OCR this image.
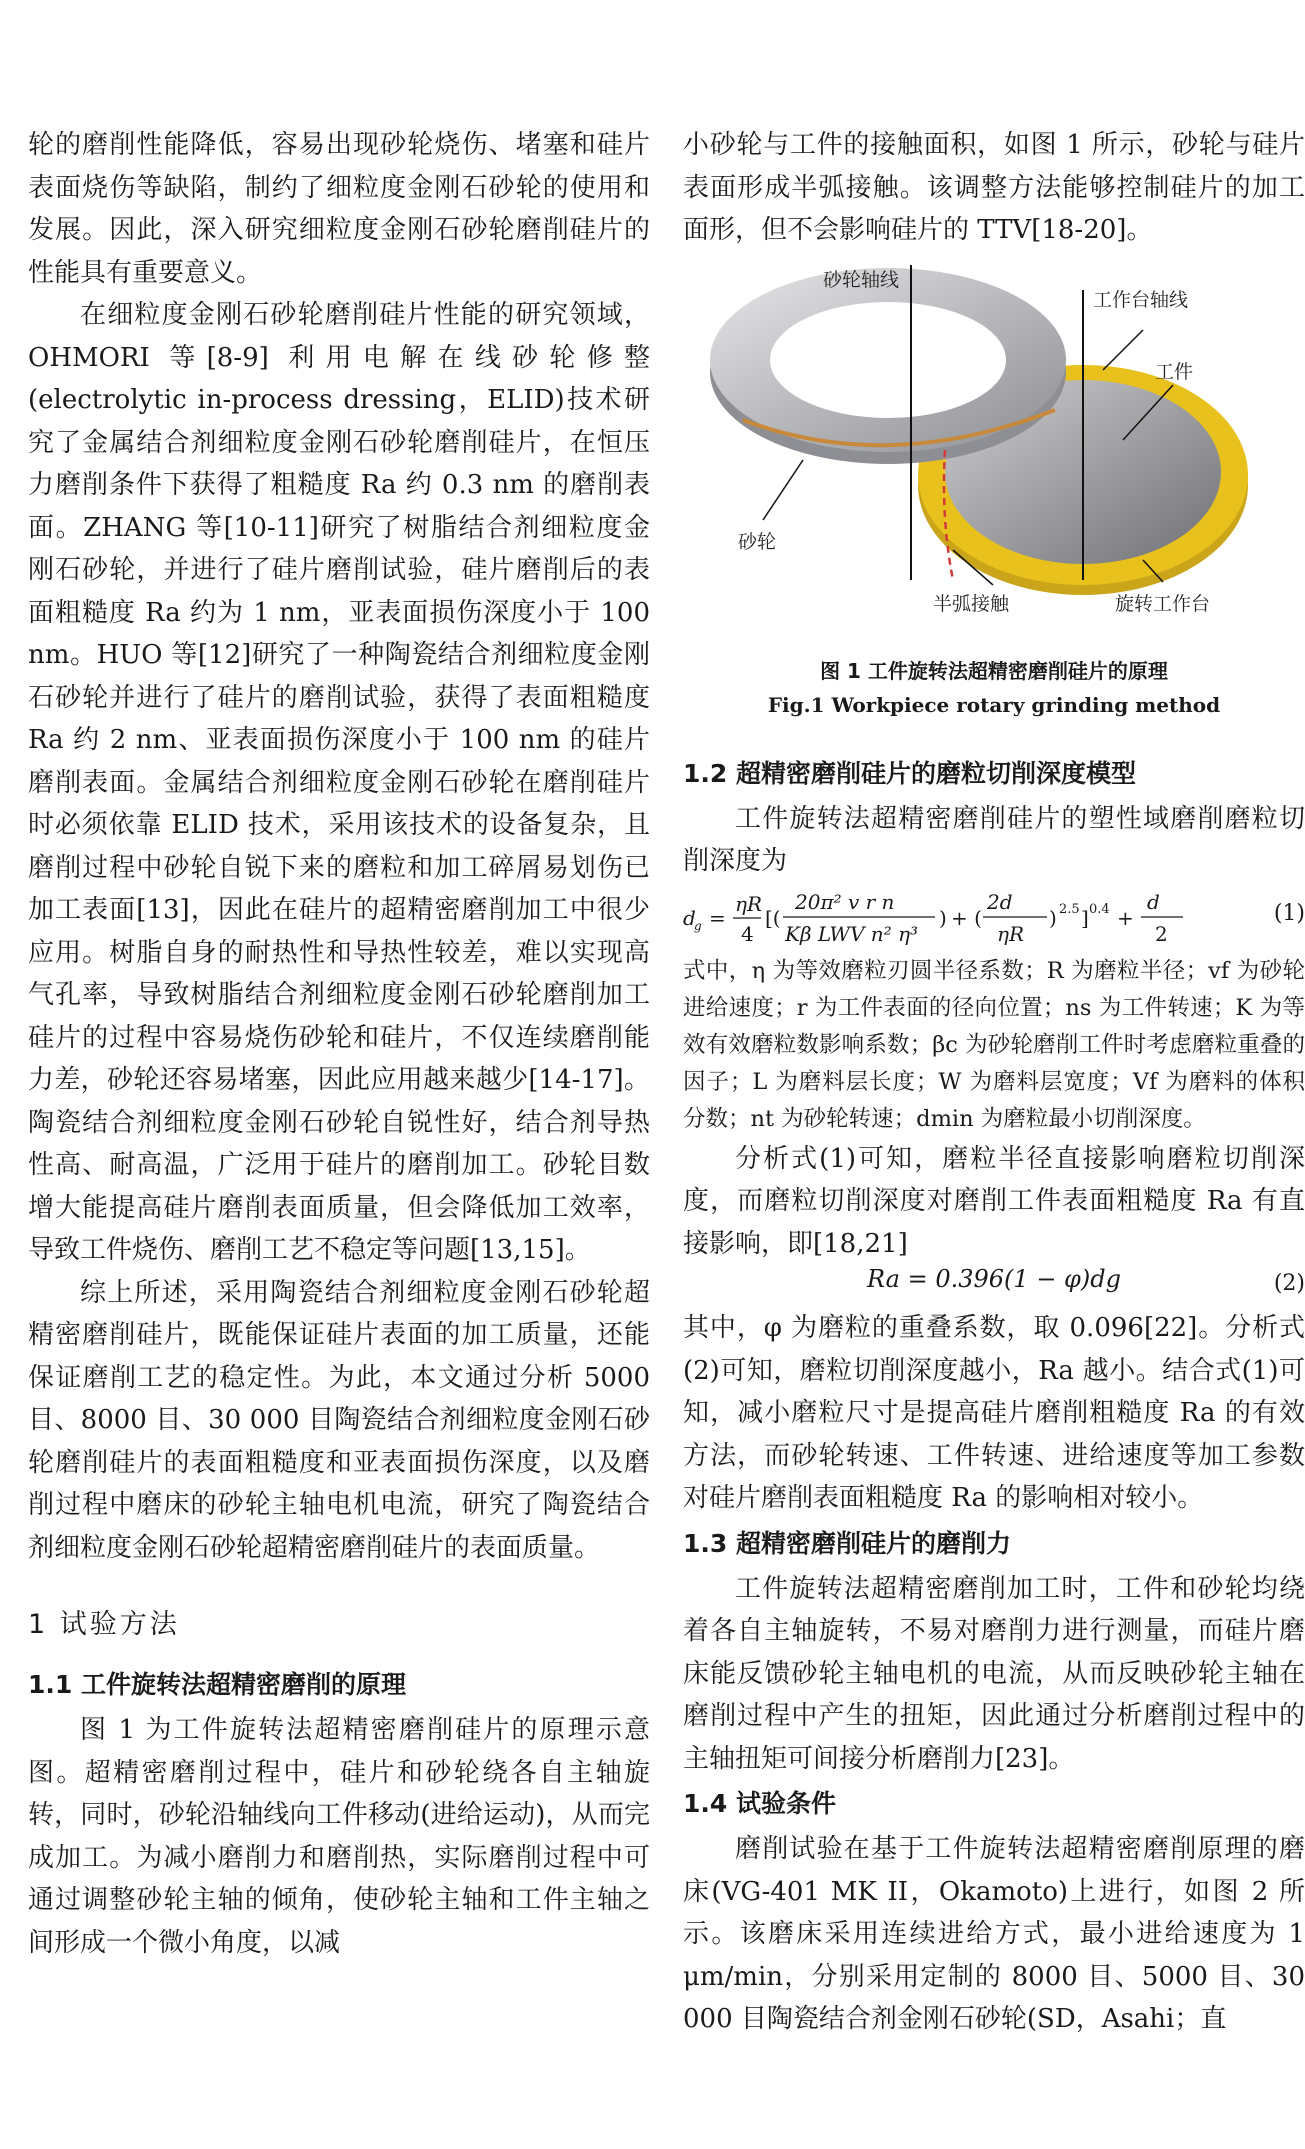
轮的磨削性能降低，容易出现砂轮烧伤、堵塞和硅片表面烧伤等缺陷，制约了细粒度金刚石砂轮的使用和发展。因此，深入研究细粒度金刚石砂轮磨削硅片的性能具有重要意义。

在细粒度金刚石砂轮磨削硅片性能的研究领域，OHMORI 等[8-9] 利用电解在线砂轮修整(electrolytic in-process dressing，ELID)技术研究了金属结合剂细粒度金刚石砂轮磨削硅片，在恒压力磨削条件下获得了粗糙度 Ra 约 0.3 nm 的磨削表面。ZHANG 等[10-11]研究了树脂结合剂细粒度金刚石砂轮，并进行了硅片磨削试验，硅片磨削后的表面粗糙度 Ra 约为 1 nm，亚表面损伤深度小于 100 nm。HUO 等[12]研究了一种陶瓷结合剂细粒度金刚石砂轮并进行了硅片的磨削试验，获得了表面粗糙度 Ra 约 2 nm、亚表面损伤深度小于 100 nm 的硅片磨削表面。金属结合剂细粒度金刚石砂轮在磨削硅片时必须依靠 ELID 技术，采用该技术的设备复杂，且磨削过程中砂轮自锐下来的磨粒和加工碎屑易划伤已加工表面[13]，因此在硅片的超精密磨削加工中很少应用。树脂自身的耐热性和导热性较差，难以实现高气孔率，导致树脂结合剂细粒度金刚石砂轮磨削加工硅片的过程中容易烧伤砂轮和硅片，不仅连续磨削能力差，砂轮还容易堵塞，因此应用越来越少[14-17]。陶瓷结合剂细粒度金刚石砂轮自锐性好，结合剂导热性高、耐高温，广泛用于硅片的磨削加工。砂轮目数增大能提高硅片磨削表面质量，但会降低加工效率，导致工件烧伤、磨削工艺不稳定等问题[13,15]。

综上所述，采用陶瓷结合剂细粒度金刚石砂轮超精密磨削硅片，既能保证硅片表面的加工质量，还能保证磨削工艺的稳定性。为此，本文通过分析 5000 目、8000 目、30 000 目陶瓷结合剂细粒度金刚石砂轮磨削硅片的表面粗糙度和亚表面损伤深度，以及磨削过程中磨床的砂轮主轴电机电流，研究了陶瓷结合剂细粒度金刚石砂轮超精密磨削硅片的表面质量。

1 试验方法
1.1 工件旋转法超精密磨削的原理

图 1 为工件旋转法超精密磨削硅片的原理示意图。超精密磨削过程中，硅片和砂轮绕各自主轴旋转，同时，砂轮沿轴线向工件移动(进给运动)，从而完成加工。为减小磨削力和磨削热，实际磨削过程中可通过调整砂轮主轴的倾角，使砂轮主轴和工件主轴之间形成一个微小角度，以减

小砂轮与工件的接触面积，如图 1 所示，砂轮与硅片表面形成半弧接触。该调整方法能够控制硅片的加工面形，但不会影响硅片的 TTV[18-20]。

砂轮轴线
工作台轴线
工件
砂轮
半弧接触	旋转工作台
图 1 工件旋转法超精密磨削硅片的原理
Fig.1 Workpiece rotary grinding method
1.2 超精密磨削硅片的磨粒切削深度模型

工件旋转法超精密磨削硅片的塑性域磨削磨粒切削深度为

d
g =
ηR
4
[(
20π² v r n
Kβ LWV n² η³
) + (
2d
ηR
) 2.5 ] 0.4 +
d
2
(1)

式中，η 为等效磨粒刃圆半径系数；R 为磨粒半径；vf 为砂轮进给速度；r 为工件表面的径向位置；ns 为工件转速；K 为等效有效磨粒数影响系数；βc 为砂轮磨削工件时考虑磨粒重叠的因子；L 为磨料层长度；W 为磨料层宽度；Vf 为磨料的体积分数；nt 为砂轮转速；dmin 为磨粒最小切削深度。

分析式(1)可知，磨粒半径直接影响磨粒切削深度，而磨粒切削深度对磨削工件表面粗糙度 Ra 有直接影响，即[18,21]

Ra = 0.396(1 − φ)dg	(2)

其中，φ 为磨粒的重叠系数，取 0.096[22]。分析式(2)可知，磨粒切削深度越小，Ra 越小。结合式(1)可知，减小磨粒尺寸是提高硅片磨削粗糙度 Ra 的有效方法，而砂轮转速、工件转速、进给速度等加工参数对硅片磨削表面粗糙度 Ra 的影响相对较小。

1.3 超精密磨削硅片的磨削力

工件旋转法超精密磨削加工时，工件和砂轮均绕着各自主轴旋转，不易对磨削力进行测量，而硅片磨床能反馈砂轮主轴电机的电流，从而反映砂轮主轴在磨削过程中产生的扭矩，因此通过分析磨削过程中的主轴扭矩可间接分析磨削力[23]。

1.4 试验条件

磨削试验在基于工件旋转法超精密磨削原理的磨床(VG-401 MK II，Okamoto)上进行，如图 2 所示。该磨床采用连续进给方式，最小进给速度为 1 μm/min，分别采用定制的 8000 目、5000 目、30 000 目陶瓷结合剂金刚石砂轮(SD，Asahi；直
